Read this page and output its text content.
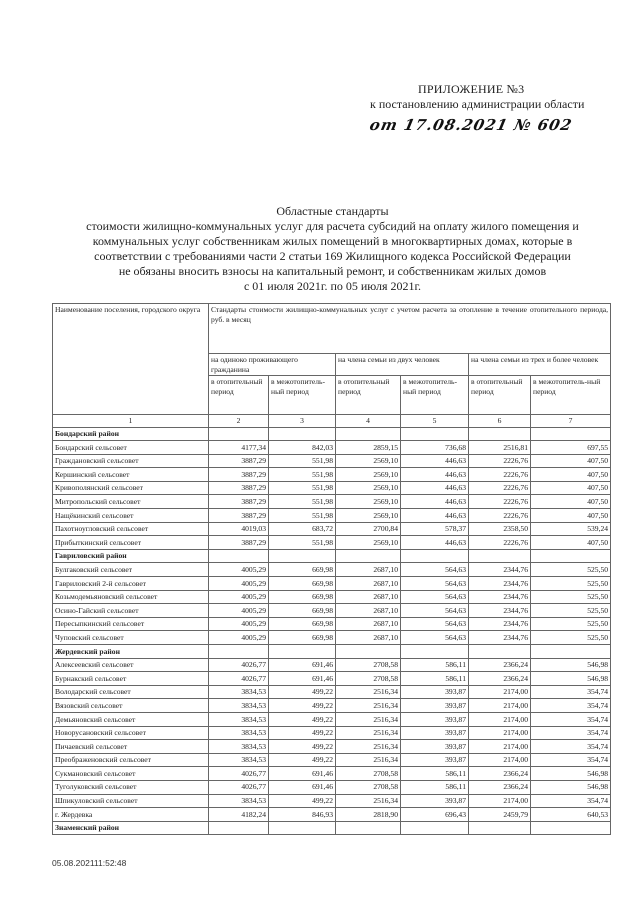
ПРИЛОЖЕНИЕ №3
к постановлению администрации области
от 17.08.2021 № 602
Областные стандарты
стоимости жилищно-коммунальных услуг для расчета субсидий на оплату жилого помещения и
коммунальных услуг собственникам жилых помещений в многоквартирных домах, которые в
соответствии с требованиями части 2 статьи 169 Жилищного кодекса Российской Федерации
не обязаны вносить взносы на капитальный ремонт, и собственникам жилых домов
с 01 июля 2021г. по 05 июля 2021г.
Наименование поселения, городского округа	Стандарты стоимости жилищно-коммунальных услуг с учетом расчета за отопление в течение отопительного периода, руб. в месяц					
	на одиноко проживающего гражданина		на члена семьи из двух человек		на члена семьи из трех и более человек	
	в отопительный период	в межотопитель-ный период	в отопительный период	в межотопитель-ный период	в отопительный период	в межотопитель-ный период
1	2	3	4	5	6	7
Бондарский район						
Бондарский сельсовет	4177,34	842,03	2859,15	736,68	2516,81	697,55
Граждановский сельсовет	3887,29	551,98	2569,10	446,63	2226,76	407,50
Кершинский сельсовет	3887,29	551,98	2569,10	446,63	2226,76	407,50
Кривополянский сельсовет	3887,29	551,98	2569,10	446,63	2226,76	407,50
Митропольский сельсовет	3887,29	551,98	2569,10	446,63	2226,76	407,50
Нащёкинский сельсовет	3887,29	551,98	2569,10	446,63	2226,76	407,50
Пахотноугловский сельсовет	4019,03	683,72	2700,84	578,37	2358,50	539,24
Прибыткинский сельсовет	3887,29	551,98	2569,10	446,63	2226,76	407,50
Гавриловский район						
Булгаковский сельсовет	4005,29	669,98	2687,10	564,63	2344,76	525,50
Гавриловский 2-й сельсовет	4005,29	669,98	2687,10	564,63	2344,76	525,50
Козьмодемьяновский сельсовет	4005,29	669,98	2687,10	564,63	2344,76	525,50
Осино-Гайский сельсовет	4005,29	669,98	2687,10	564,63	2344,76	525,50
Пересыпкинский сельсовет	4005,29	669,98	2687,10	564,63	2344,76	525,50
Чуповский сельсовет	4005,29	669,98	2687,10	564,63	2344,76	525,50
Жердевский район						
Алексеевский сельсовет	4026,77	691,46	2708,58	586,11	2366,24	546,98
Бурнакский сельсовет	4026,77	691,46	2708,58	586,11	2366,24	546,98
Володарский сельсовет	3834,53	499,22	2516,34	393,87	2174,00	354,74
Вязовский сельсовет	3834,53	499,22	2516,34	393,87	2174,00	354,74
Демьяновский сельсовет	3834,53	499,22	2516,34	393,87	2174,00	354,74
Новорусановский сельсовет	3834,53	499,22	2516,34	393,87	2174,00	354,74
Пичаевский сельсовет	3834,53	499,22	2516,34	393,87	2174,00	354,74
Преображеновский сельсовет	3834,53	499,22	2516,34	393,87	2174,00	354,74
Сукмановский сельсовет	4026,77	691,46	2708,58	586,11	2366,24	546,98
Туголуковский сельсовет	4026,77	691,46	2708,58	586,11	2366,24	546,98
Шпикуловский сельсовет	3834,53	499,22	2516,34	393,87	2174,00	354,74
г. Жердевка	4182,24	846,93	2818,90	696,43	2459,79	640,53
Знаменский район						
05.08.202111:52:48
